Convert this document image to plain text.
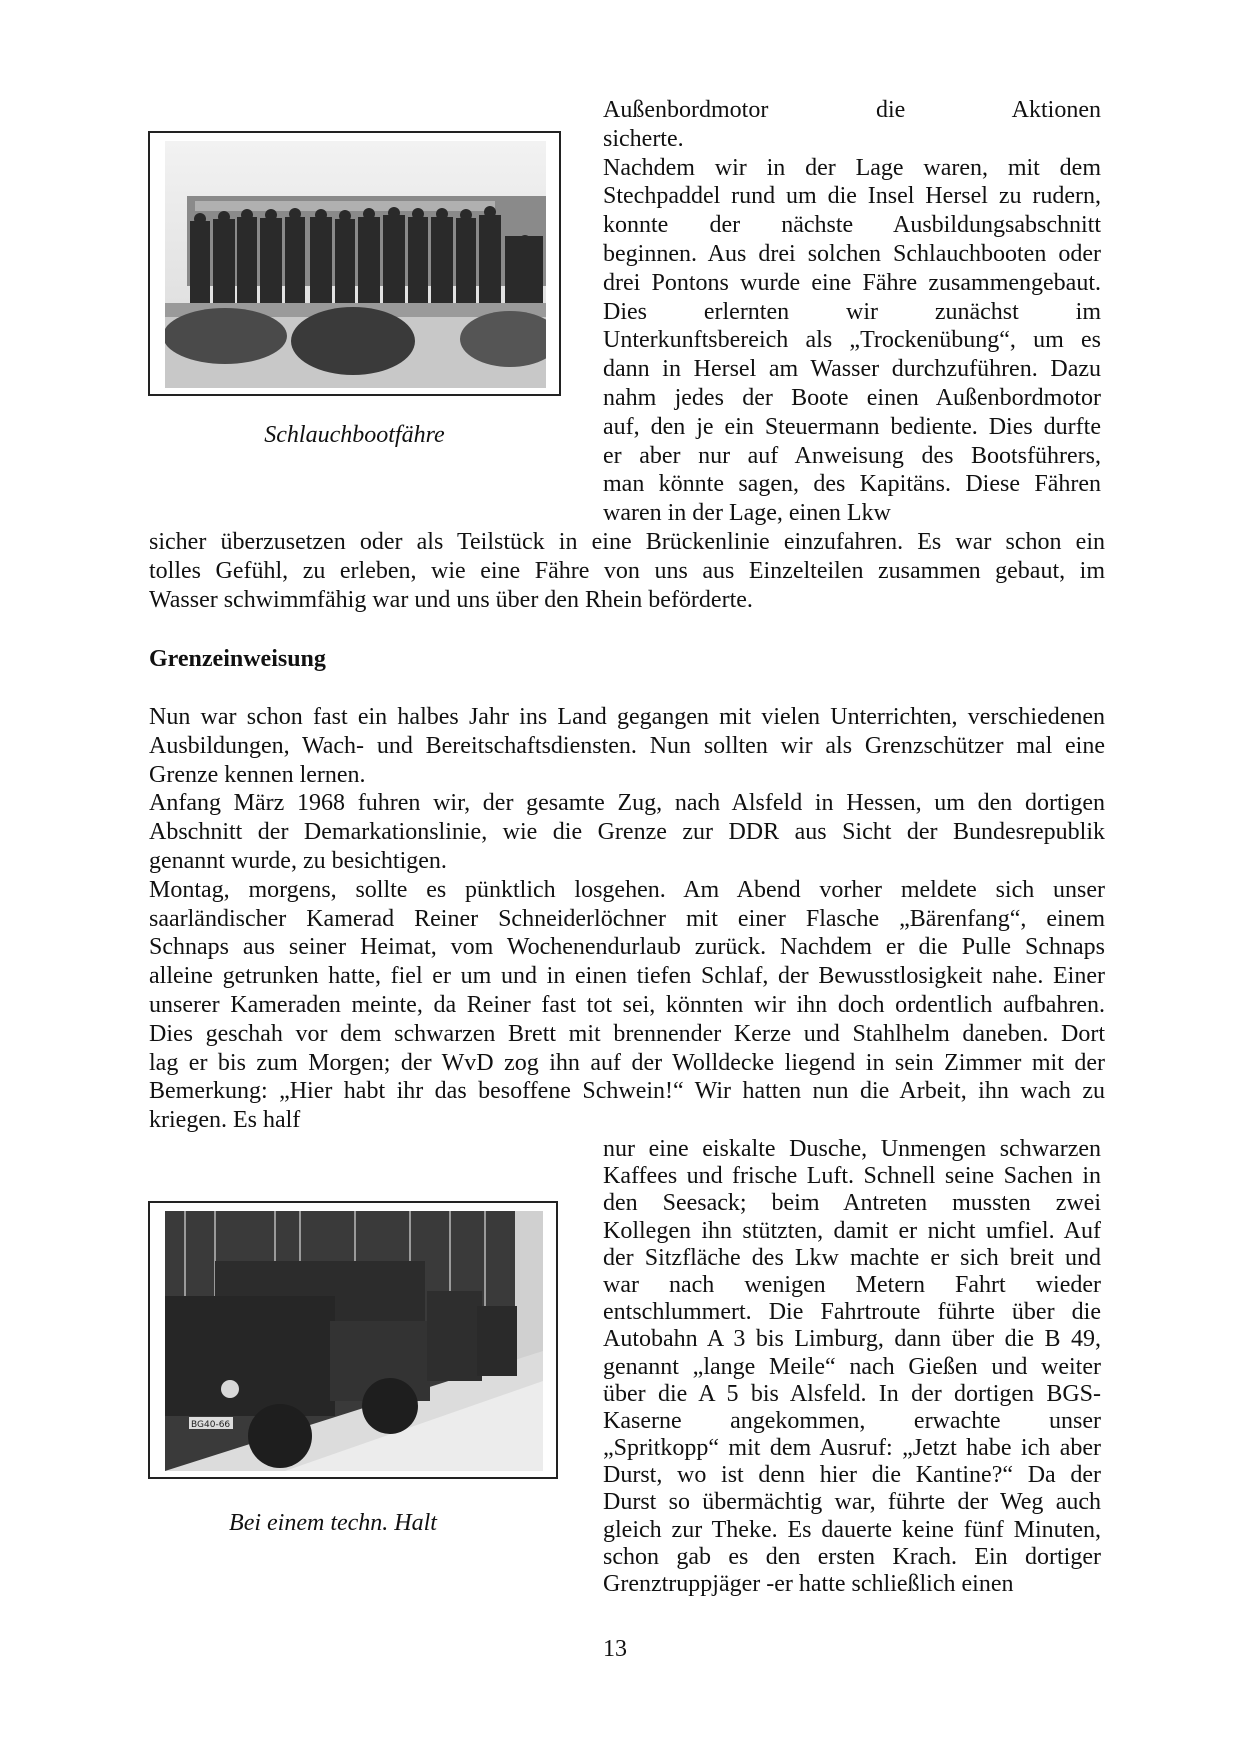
Schlauchbootfähre
BG40-66
Bei einem techn. Halt
Außenbordmotor die Aktionen
sicherte.
Nachdem wir in der Lage waren, mit dem
Stechpaddel rund um die Insel Hersel zu rudern,
konnte der nächste Ausbildungsabschnitt
beginnen. Aus drei solchen Schlauchbooten oder
drei Pontons wurde eine Fähre zusammengebaut.
Dies erlernten wir zunächst im
Unterkunftsbereich als „Trockenübung“, um es
dann in Hersel am Wasser durchzuführen. Dazu
nahm jedes der Boote einen Außenbordmotor
auf, den je ein Steuermann bediente. Dies durfte
er aber nur auf Anweisung des Bootsführers,
man könnte sagen, des Kapitäns. Diese Fähren
waren in der Lage, einen Lkw
sicher überzusetzen oder als Teilstück in eine Brückenlinie einzufahren. Es war schon ein
tolles Gefühl, zu erleben, wie eine Fähre von uns aus Einzelteilen zusammen gebaut, im
Wasser schwimmfähig war und uns über den Rhein beförderte.
Grenzeinweisung
Nun war schon fast ein halbes Jahr ins Land gegangen mit vielen Unterrichten, verschiedenen
Ausbildungen, Wach- und Bereitschaftsdiensten. Nun sollten wir als Grenzschützer mal eine
Grenze kennen lernen.
Anfang März 1968 fuhren wir, der gesamte Zug, nach Alsfeld in Hessen, um den dortigen
Abschnitt der Demarkationslinie, wie die Grenze zur DDR aus Sicht der Bundesrepublik
genannt wurde, zu besichtigen.
Montag, morgens, sollte es pünktlich losgehen. Am Abend vorher meldete sich unser
saarländischer Kamerad Reiner Schneiderlöchner mit einer Flasche „Bärenfang“, einem
Schnaps aus seiner Heimat, vom Wochenendurlaub zurück. Nachdem er die Pulle Schnaps
alleine getrunken hatte, fiel er um und in einen tiefen Schlaf, der Bewusstlosigkeit nahe. Einer
unserer Kameraden meinte, da Reiner fast tot sei, könnten wir ihn doch ordentlich aufbahren.
Dies geschah vor dem schwarzen Brett mit brennender Kerze und Stahlhelm daneben. Dort
lag er bis zum Morgen; der WvD zog ihn auf der Wolldecke liegend in sein Zimmer mit der
Bemerkung: „Hier habt ihr das besoffene Schwein!“ Wir hatten nun die Arbeit, ihn wach zu
kriegen. Es half
nur eine eiskalte Dusche, Unmengen schwarzen
Kaffees und frische Luft. Schnell seine Sachen in
den Seesack; beim Antreten mussten zwei
Kollegen ihn stützten, damit er nicht umfiel. Auf
der Sitzfläche des Lkw machte er sich breit und
war nach wenigen Metern Fahrt wieder
entschlummert. Die Fahrtroute führte über die
Autobahn A 3 bis Limburg, dann über die B 49,
genannt „lange Meile“ nach Gießen und weiter
über die A 5 bis Alsfeld. In der dortigen BGS-
Kaserne angekommen, erwachte unser
„Spritkopp“ mit dem Ausruf: „Jetzt habe ich aber
Durst, wo ist denn hier die Kantine?“ Da der
Durst so übermächtig war, führte der Weg auch
gleich zur Theke. Es dauerte keine fünf Minuten,
schon gab es den ersten Krach. Ein dortiger
Grenztruppjäger -er hatte schließlich einen
13
